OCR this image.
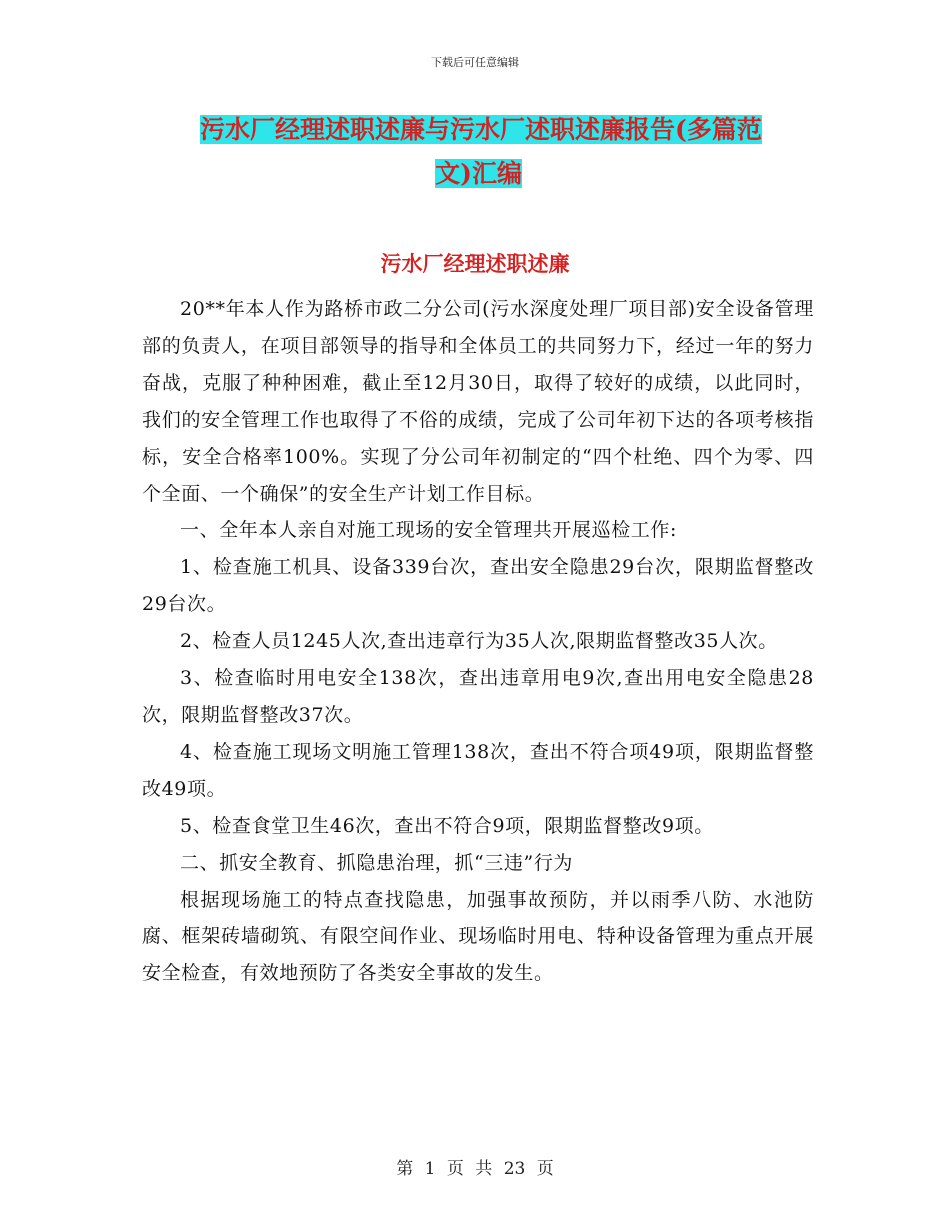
下载后可任意编辑
污水厂经理述职述廉与污水厂述职述廉报告(多篇范
文)汇编
污水厂经理述职述廉

20**年本人作为路桥市政二分公司(污水深度处理厂项目部)安全设备管理部的负责人，在项目部领导的指导和全体员工的共同努力下，经过一年的努力奋战，克服了种种困难，截止至12月30日，取得了较好的成绩，以此同时，我们的安全管理工作也取得了不俗的成绩，完成了公司年初下达的各项考核指标，安全合格率100%。实现了分公司年初制定的“四个杜绝、四个为零、四个全面、一个确保”的安全生产计划工作目标。

一、全年本人亲自对施工现场的安全管理共开展巡检工作:

1、检查施工机具、设备339台次，查出安全隐患29台次，限期监督整改29台次。

2、检查人员1245人次,查出违章行为35人次,限期监督整改35人次。

3、检查临时用电安全138次，查出违章用电9次,查出用电安全隐患28次，限期监督整改37次。

4、检查施工现场文明施工管理138次，查出不符合项49项，限期监督整改49项。

5、检查食堂卫生46次，查出不符合9项，限期监督整改9项。

二、抓安全教育、抓隐患治理，抓“三违”行为

根据现场施工的特点查找隐患，加强事故预防，并以雨季八防、水池防腐、框架砖墙砌筑、有限空间作业、现场临时用电、特种设备管理为重点开展安全检查，有效地预防了各类安全事故的发生。

第 1 页 共 23 页
